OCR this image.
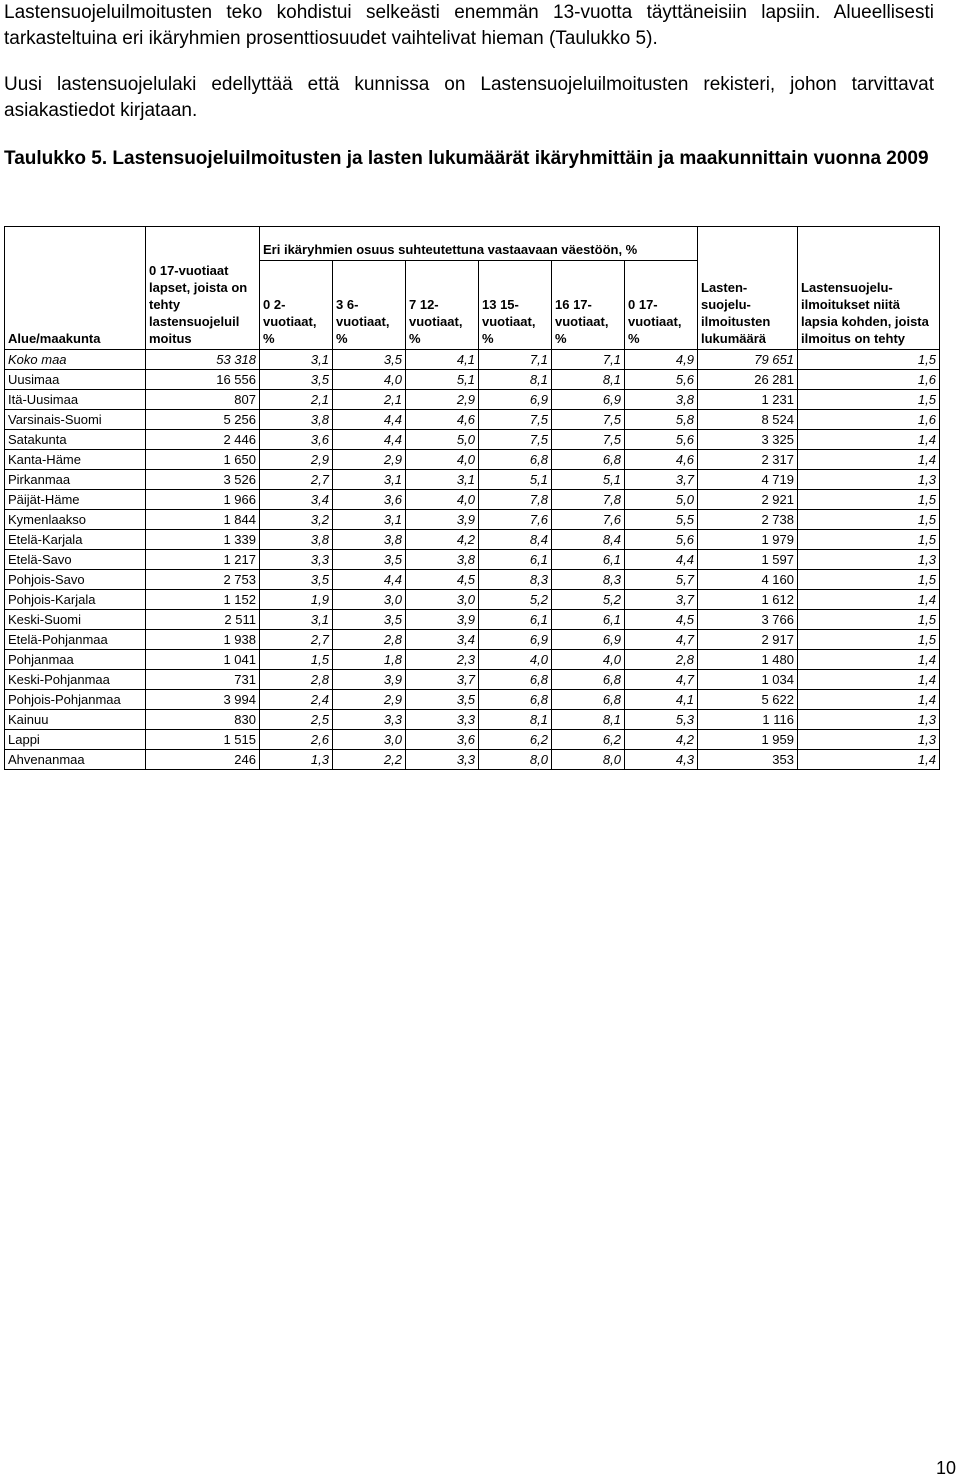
Lastensuojeluilmoitusten teko kohdistui selkeästi enemmän 13-vuotta täyttäneisiin lapsiin. Alueellisesti tarkasteltuina eri ikäryhmien prosenttiosuudet vaihtelivat hieman (Taulukko 5).
Uusi lastensuojelulaki edellyttää että kunnissa on Lastensuojeluilmoitusten rekisteri, johon tarvittavat asiakastiedot kirjataan.
Taulukko 5. Lastensuojeluilmoitusten ja lasten lukumäärät ikäryhmittäin ja maakunnittain vuonna 2009
Alue/maakunta	0 17-vuotiaat lapset, joista on tehty lastensuojeluil moitus	Eri ikäryhmien osuus suhteutettuna vastaavaan väestöön, %						Lasten-suojelu-ilmoitusten lukumäärä	Lastensuojelu-ilmoitukset niitä lapsia kohden, joista ilmoitus on tehty
		0 2-vuotiaat, %	3 6-vuotiaat, %	7 12-vuotiaat, %	13 15-vuotiaat, %	16 17-vuotiaat, %	0 17-vuotiaat, %		
Koko maa	53 318	3,1	3,5	4,1	7,1	7,1	4,9	79 651	1,5
Uusimaa	16 556	3,5	4,0	5,1	8,1	8,1	5,6	26 281	1,6
Itä-Uusimaa	807	2,1	2,1	2,9	6,9	6,9	3,8	1 231	1,5
Varsinais-Suomi	5 256	3,8	4,4	4,6	7,5	7,5	5,8	8 524	1,6
Satakunta	2 446	3,6	4,4	5,0	7,5	7,5	5,6	3 325	1,4
Kanta-Häme	1 650	2,9	2,9	4,0	6,8	6,8	4,6	2 317	1,4
Pirkanmaa	3 526	2,7	3,1	3,1	5,1	5,1	3,7	4 719	1,3
Päijät-Häme	1 966	3,4	3,6	4,0	7,8	7,8	5,0	2 921	1,5
Kymenlaakso	1 844	3,2	3,1	3,9	7,6	7,6	5,5	2 738	1,5
Etelä-Karjala	1 339	3,8	3,8	4,2	8,4	8,4	5,6	1 979	1,5
Etelä-Savo	1 217	3,3	3,5	3,8	6,1	6,1	4,4	1 597	1,3
Pohjois-Savo	2 753	3,5	4,4	4,5	8,3	8,3	5,7	4 160	1,5
Pohjois-Karjala	1 152	1,9	3,0	3,0	5,2	5,2	3,7	1 612	1,4
Keski-Suomi	2 511	3,1	3,5	3,9	6,1	6,1	4,5	3 766	1,5
Etelä-Pohjanmaa	1 938	2,7	2,8	3,4	6,9	6,9	4,7	2 917	1,5
Pohjanmaa	1 041	1,5	1,8	2,3	4,0	4,0	2,8	1 480	1,4
Keski-Pohjanmaa	731	2,8	3,9	3,7	6,8	6,8	4,7	1 034	1,4
Pohjois-Pohjanmaa	3 994	2,4	2,9	3,5	6,8	6,8	4,1	5 622	1,4
Kainuu	830	2,5	3,3	3,3	8,1	8,1	5,3	1 116	1,3
Lappi	1 515	2,6	3,0	3,6	6,2	6,2	4,2	1 959	1,3
Ahvenanmaa	246	1,3	2,2	3,3	8,0	8,0	4,3	353	1,4
10
